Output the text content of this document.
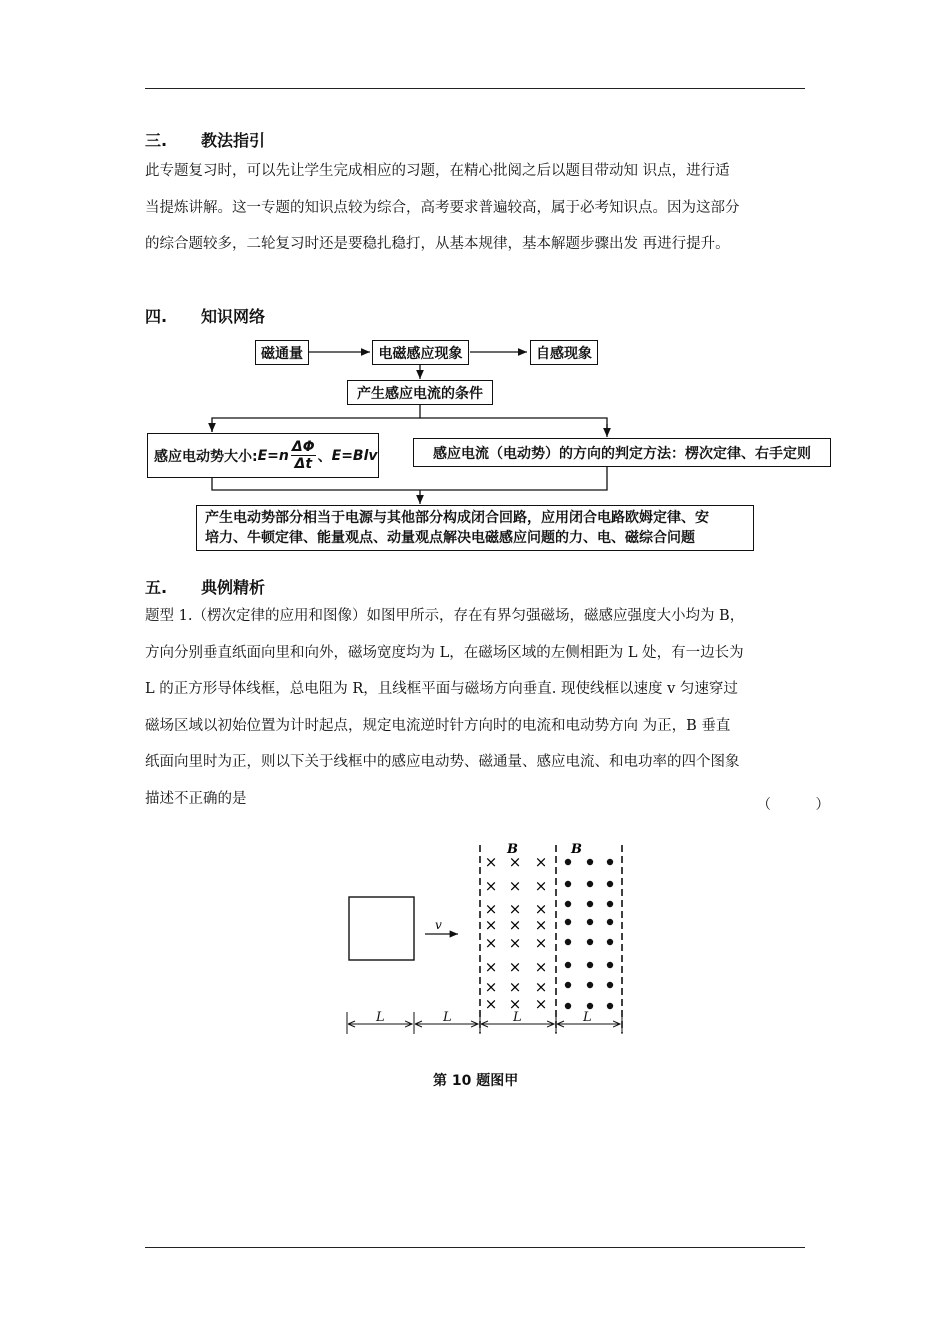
三. 教法指引
此专题复习时，可以先让学生完成相应的习题，在精心批阅之后以题目带动知 识点，进行适
当提炼讲解。这一专题的知识点较为综合，高考要求普遍较高，属于必考知识点。因为这部分
的综合题较多，二轮复习时还是要稳扎稳打，从基本规律，基本解题步骤出发 再进行提升。
四. 知识网络
磁通量	电磁感应现象	自感现象
产生感应电流的条件
感应电动势大小: $E=n \frac{\Delta\Phi}{\Delta t}$ 、 E=Blv	感应电流（电动势）的方向的判定方法：楞次定律、右手定则
产生电动势部分相当于电源与其他部分构成闭合回路，应用闭合电路欧姆定律、安
培力、牛顿定律、能量观点、动量观点解决电磁感应问题的力、电、磁综合问题
五. 典例精析
题型 1.（楞次定律的应用和图像）如图甲所示，存在有界匀强磁场，磁感应强度大小均为 B，
方向分别垂直纸面向里和向外，磁场宽度均为 L，在磁场区域的左侧相距为 L 处，有一边长为
L 的正方形导体线框，总电阻为 R，且线框平面与磁场方向垂直. 现使线框以速度 v 匀速穿过
磁场区域以初始位置为计时起点，规定电流逆时针方向时的电流和电动势方向 为正，B 垂直
纸面向里时为正，则以下关于线框中的感应电动势、磁通量、感应电流、和电功率的四个图象
描述不正确的是	（ ）
v
B	B
×
×
×
×
×
×
×
×
×
×
×
×
×
×
×
×
×
×
×
×
×
×
×
×
L	L	L	L
第 10 题图甲
